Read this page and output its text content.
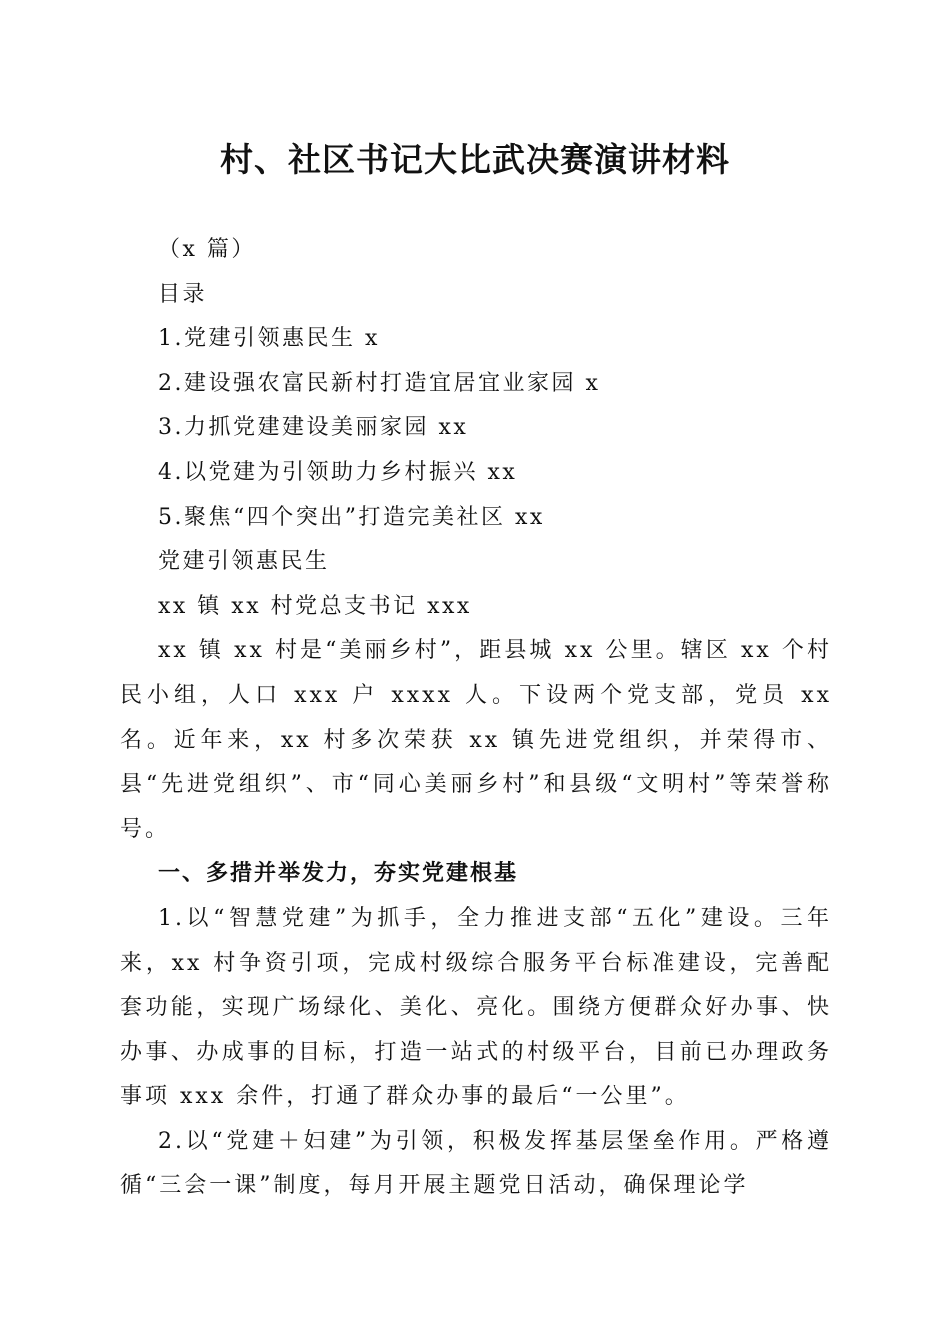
村、社区书记大比武决赛演讲材料
（x 篇）
目录
1.党建引领惠民生 x
2.建设强农富民新村打造宜居宜业家园 x
3.力抓党建建设美丽家园 xx
4.以党建为引领助力乡村振兴 xx
5.聚焦“四个突出”打造完美社区 xx
党建引领惠民生
xx 镇 xx 村党总支书记 xxx
xx 镇 xx 村是“美丽乡村”，距县城 xx 公里。辖区 xx 个村民小组，人口 xxx 户 xxxx 人。下设两个党支部，党员 xx 名。近年来，xx 村多次荣获 xx 镇先进党组织，并荣得市、县“先进党组织”、市“同心美丽乡村”和县级“文明村”等荣誉称号。
一、多措并举发力，夯实党建根基
1.以“智慧党建”为抓手，全力推进支部“五化”建设。三年来，xx 村争资引项，完成村级综合服务平台标准建设，完善配套功能，实现广场绿化、美化、亮化。围绕方便群众好办事、快办事、办成事的目标，打造一站式的村级平台，目前已办理政务事项 xxx 余件，打通了群众办事的最后“一公里”。
2.以“党建＋妇建”为引领，积极发挥基层堡垒作用。严格遵循“三会一课”制度，每月开展主题党日活动，确保理论学
